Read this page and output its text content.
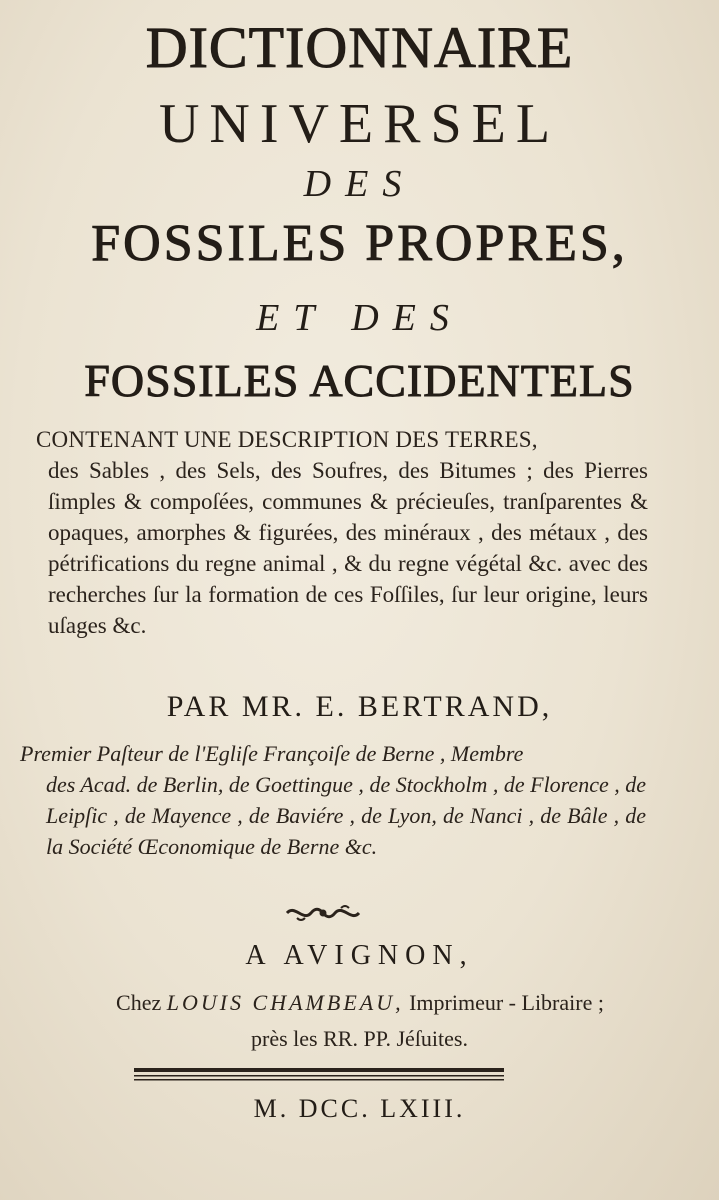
DICTIONNAIRE
UNIVERSEL
DES
FOSSILES PROPRES,
ET DES
FOSSILES ACCIDENTELS
CONTENANT UNE DESCRIPTION DES TERRES,
des Sables , des Sels, des Soufres, des Bitumes ; des Pierres ſimples & compoſées, communes & précieuſes, tranſparentes & opaques, amorphes & figurées, des minéraux , des métaux , des pétrifications du regne animal , & du regne végétal &c. avec des recherches ſur la formation de ces Foſſiles, ſur leur origine, leurs uſages &c.
PAR MR. E. BERTRAND,
Premier Paſteur de l'Egliſe Françoiſe de Berne , Membre
des Acad. de Berlin, de Goettingue , de Stockholm , de Florence , de Leipſic , de Mayence , de Baviére , de Lyon, de Nanci , de Bâle , de la Société Œconomique de Berne &c.
A AVIGNON,
Chez LOUIS CHAMBEAU, Imprimeur - Libraire ;
près les RR. PP. Jéſuites.
M. DCC. LXIII.
